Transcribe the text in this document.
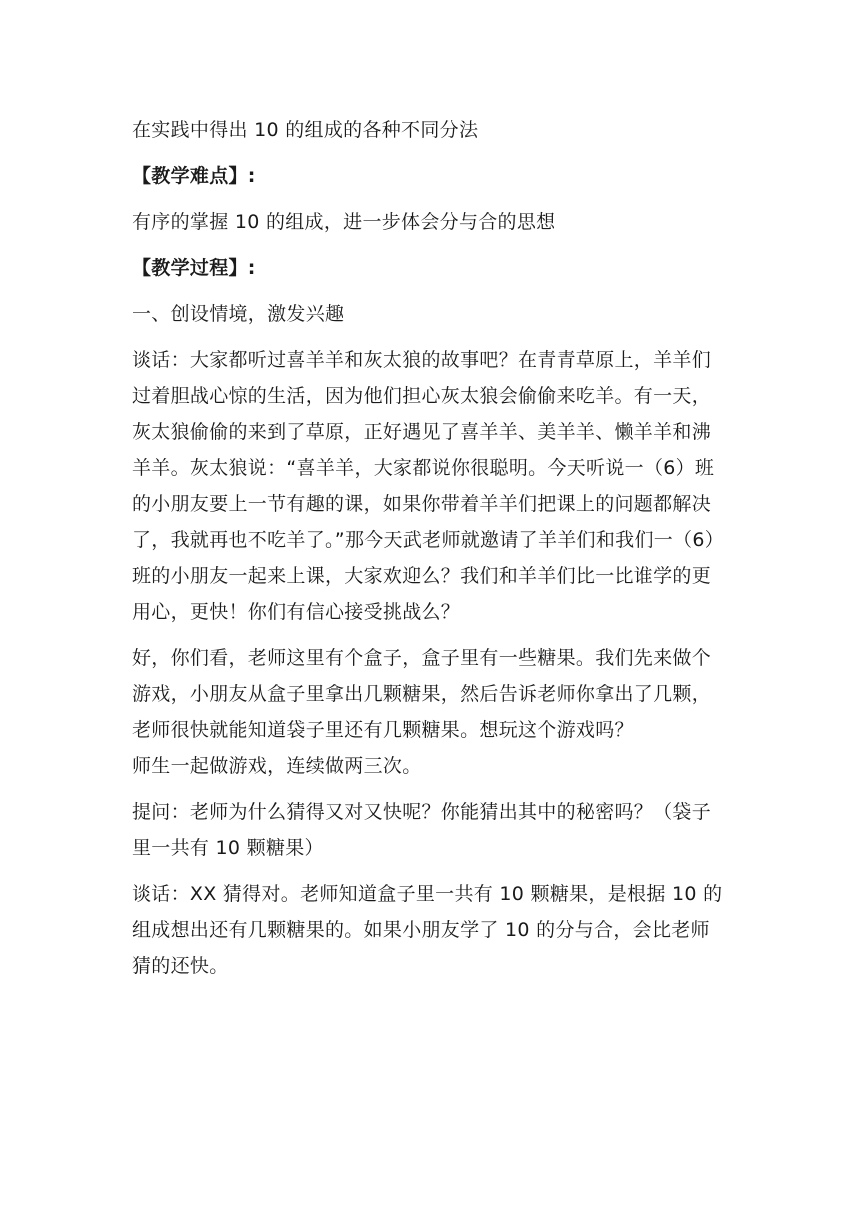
在实践中得出 10 的组成的各种不同分法

【教学难点】:

有序的掌握 10 的组成，进一步体会分与合的思想

【教学过程】:

一、创设情境，激发兴趣

谈话：大家都听过喜羊羊和灰太狼的故事吧？在青青草原上，羊羊们
过着胆战心惊的生活，因为他们担心灰太狼会偷偷来吃羊。有一天，
灰太狼偷偷的来到了草原，正好遇见了喜羊羊、美羊羊、懒羊羊和沸
羊羊。灰太狼说：“喜羊羊，大家都说你很聪明。今天听说一（6）班
的小朋友要上一节有趣的课，如果你带着羊羊们把课上的问题都解决
了，我就再也不吃羊了。”那今天武老师就邀请了羊羊们和我们一（6）
班的小朋友一起来上课，大家欢迎么？我们和羊羊们比一比谁学的更
用心，更快！你们有信心接受挑战么？

好，你们看，老师这里有个盒子，盒子里有一些糖果。我们先来做个
游戏，小朋友从盒子里拿出几颗糖果，然后告诉老师你拿出了几颗，
老师很快就能知道袋子里还有几颗糖果。想玩这个游戏吗？

师生一起做游戏，连续做两三次。

提问：老师为什么猜得又对又快呢？你能猜出其中的秘密吗？（袋子
里一共有 10 颗糖果）

谈话：XX 猜得对。老师知道盒子里一共有 10 颗糖果，是根据 10 的
组成想出还有几颗糖果的。如果小朋友学了 10 的分与合，会比老师
猜的还快。
